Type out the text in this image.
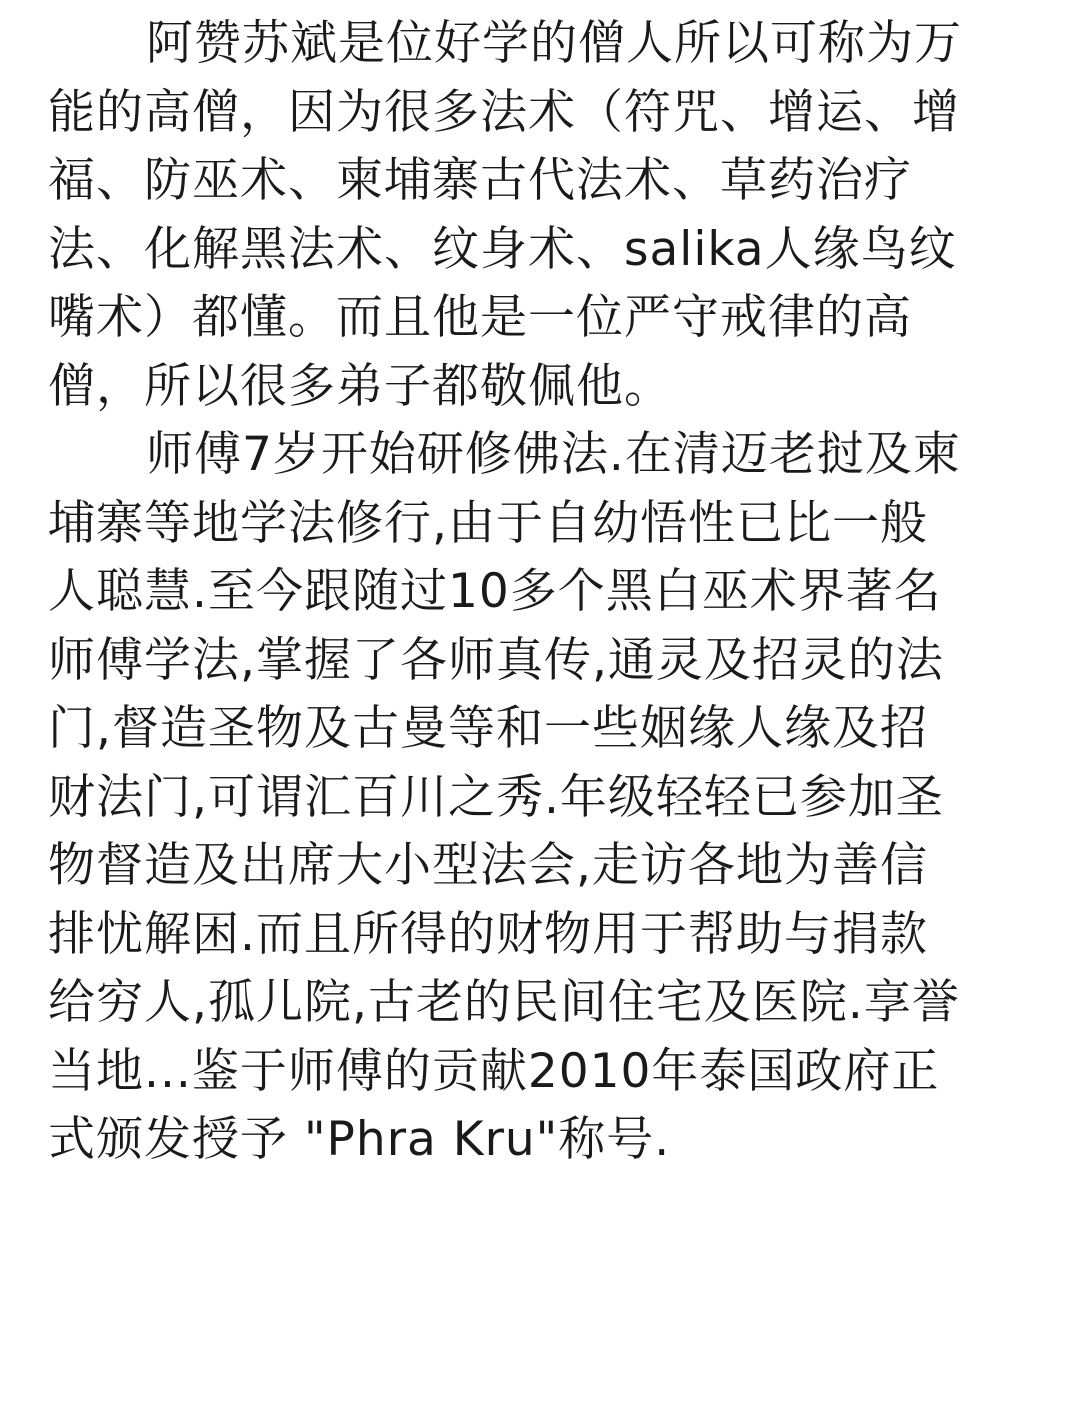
阿赞苏斌是位好学的僧人所以可称为万
能的高僧，因为很多法术（符咒、增运、增
福、防巫术、柬埔寨古代法术、草药治疗
法、化解黑法术、纹身术、salika人缘鸟纹
嘴术）都懂。而且他是一位严守戒律的高
僧，所以很多弟子都敬佩他。
师傅7岁开始研修佛法.在清迈老挝及柬
埔寨等地学法修行,由于自幼悟性已比一般
人聪慧.至今跟随过10多个黑白巫术界著名
师傅学法,掌握了各师真传,通灵及招灵的法
门,督造圣物及古曼等和一些姻缘人缘及招
财法门,可谓汇百川之秀.年级轻轻已参加圣
物督造及出席大小型法会,走访各地为善信
排忧解困.而且所得的财物用于帮助与捐款
给穷人,孤儿院,古老的民间住宅及医院.享誉
当地...鉴于师傅的贡献2010年泰国政府正
式颁发授予 "Phra Kru"称号.
